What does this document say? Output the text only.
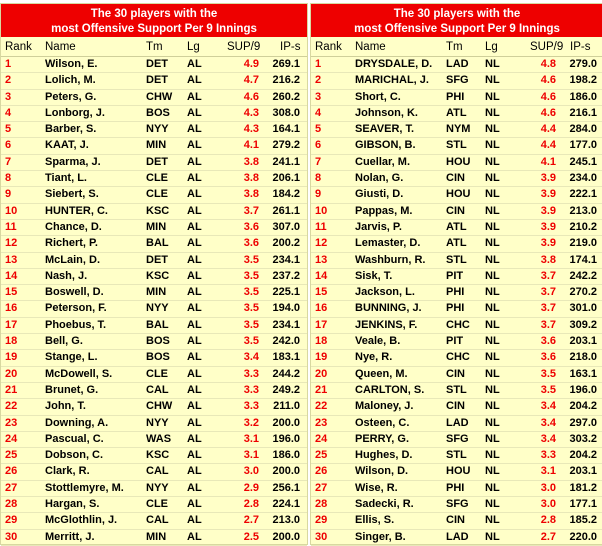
The 30 players with the
most Offensive Support Per 9 Innings
Rank Name	Tm Lg SUP/9 IP-s
1	Wilson, E.	DET AL	4.9	269.1
2	Lolich, M.	DET AL	4.7	216.2
3	Peters, G.	CHW AL	4.6	260.2
4	Lonborg, J.	BOS AL	4.3	308.0
5	Barber, S.	NYY AL	4.3	164.1
6	KAAT, J.	MIN AL	4.1	279.2
7	Sparma, J.	DET AL	3.8	241.1
8	Tiant, L.	CLE AL	3.8	206.1
9	Siebert, S.	CLE AL	3.8	184.2
10	HUNTER, C.	KSC AL	3.7	261.1
11	Chance, D.	MIN AL	3.6	307.0
12	Richert, P.	BAL AL	3.6	200.2
13	McLain, D.	DET AL	3.5	234.1
14	Nash, J.	KSC AL	3.5	237.2
15	Boswell, D.	MIN AL	3.5	225.1
16	Peterson, F.	NYY AL	3.5	194.0
17	Phoebus, T.	BAL AL	3.5	234.1
18	Bell, G.	BOS AL	3.5	242.0
19	Stange, L.	BOS AL	3.4	183.1
20	McDowell, S.	CLE AL	3.3	244.2
21	Brunet, G.	CAL AL	3.3	249.2
22	John, T.	CHW AL	3.3	211.0
23	Downing, A.	NYY AL	3.2	200.0
24	Pascual, C.	WAS AL	3.1	196.0
25	Dobson, C.	KSC AL	3.1	186.0
26	Clark, R.	CAL AL	3.0	200.0
27	Stottlemyre, M. NYY AL	2.9	256.1
28	Hargan, S.	CLE AL	2.8	224.1
29	McGlothlin, J.	CAL AL	2.7	213.0
30	Merritt, J.	MIN AL	2.5	200.0
The 30 players with the
most Offensive Support Per 9 Innings
Rank Name	Tm Lg	SUP/9 IP-s
1	DRYSDALE, D. LAD NL	4.8	279.0
2	MARICHAL, J. SFG NL	4.6	198.2
3	Short, C.	PHI NL	4.6	186.0
4	Johnson, K.	ATL NL	4.6	216.1
5	SEAVER, T.	NYM NL	4.4	284.0
6	GIBSON, B.	STL NL	4.4	177.0
7	Cuellar, M.	HOU NL	4.1	245.1
8	Nolan, G.	CIN NL	3.9	234.0
9	Giusti, D.	HOU NL	3.9	222.1
10	Pappas, M.	CIN NL	3.9	213.0
11	Jarvis, P.	ATL NL	3.9	210.2
12	Lemaster, D. ATL NL	3.9	219.0
13	Washburn, R. STL NL	3.8	174.1
14	Sisk, T.	PIT NL	3.7	242.2
15	Jackson, L.	PHI NL	3.7	270.2
16	BUNNING, J. PHI NL	3.7	301.0
17	JENKINS, F.	CHC NL	3.7	309.2
18	Veale, B.	PIT NL	3.6	203.1
19	Nye, R.	CHC NL	3.6	218.0
20	Queen, M.	CIN NL	3.5	163.1
21	CARLTON, S. STL NL	3.5	196.0
22	Maloney, J.	CIN NL	3.4	204.2
23	Osteen, C.	LAD NL	3.4	297.0
24	PERRY, G.	SFG NL	3.4	303.2
25	Hughes, D.	STL NL	3.3	204.2
26	Wilson, D.	HOU NL	3.1	203.1
27	Wise, R.	PHI NL	3.0	181.2
28	Sadecki, R.	SFG NL	3.0	177.1
29	Ellis, S.	CIN NL	2.8	185.2
30	Singer, B.	LAD NL	2.7	220.0
